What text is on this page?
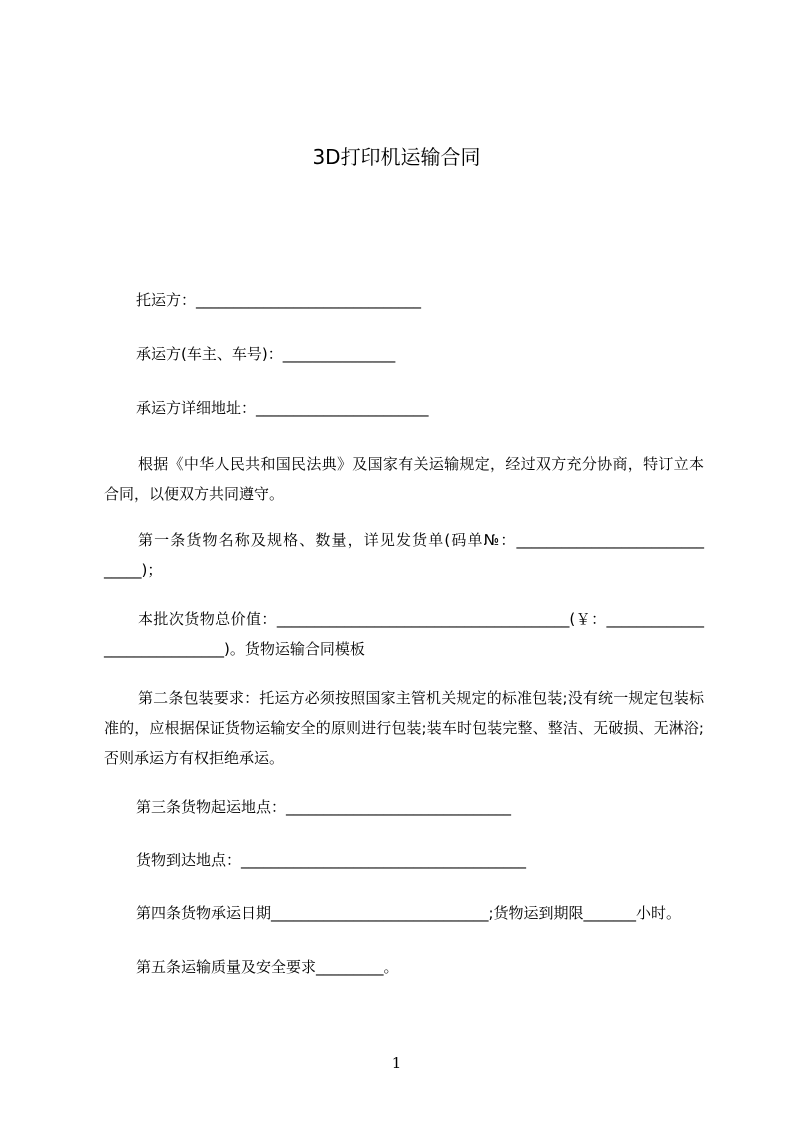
3D打印机运输合同
托运方：______________________________
承运方(车主、车号)：_______________
承运方详细地址：_______________________
根据《中华人民共和国民法典》及国家有关运输规定，经过双方充分协商，特订立本合同，以便双方共同遵守。
第一条货物名称及规格、数量，详见发货单(码单№：_________________________ _____)；
本批次货物总价值：_______________________________________(￥：_____________ ________________)。货物运输合同模板
第二条包装要求：托运方必须按照国家主管机关规定的标准包装;没有统一规定包装标准的，应根据保证货物运输安全的原则进行包装;装车时包装完整、整洁、无破损、无淋浴;否则承运方有权拒绝承运。
第三条货物起运地点：______________________________
货物到达地点：______________________________________
第四条货物承运日期_____________________________;货物运到期限_______小时。
第五条运输质量及安全要求_________。
1
